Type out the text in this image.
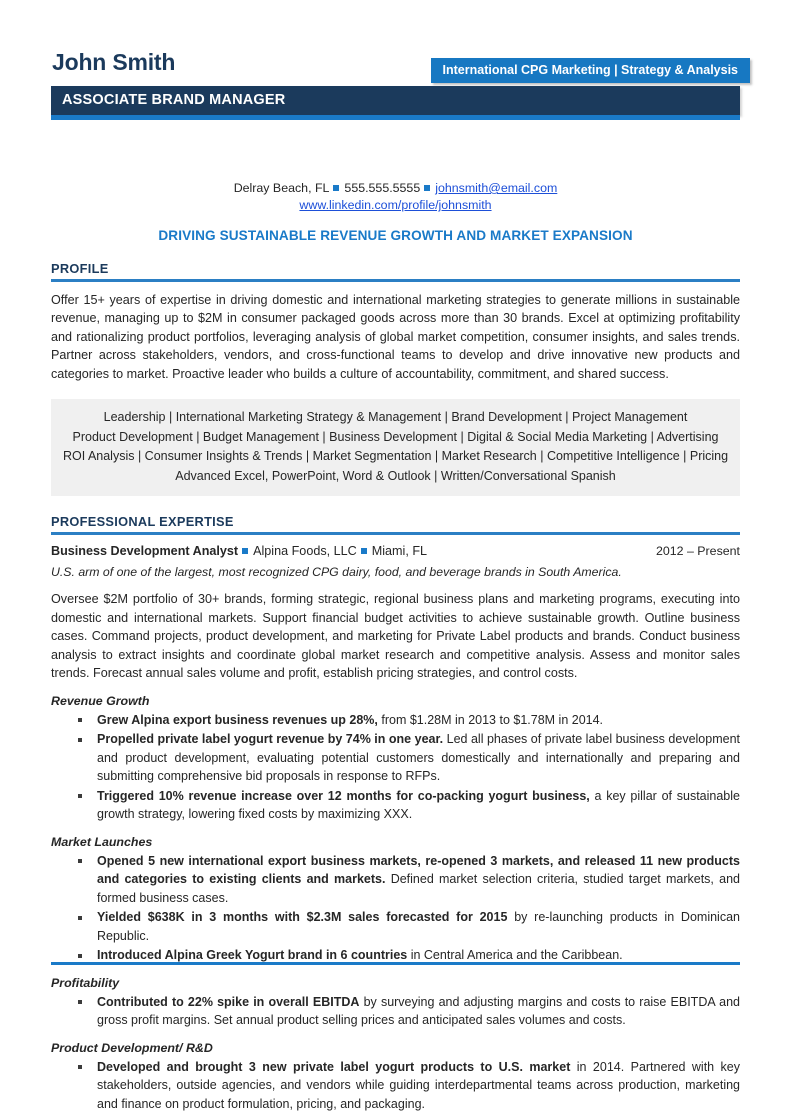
John Smith	International CPG Marketing | Strategy & Analysis
ASSOCIATE BRAND MANAGER
Delray Beach, FL 555.555.5555 johnsmith@email.com
www.linkedin.com/profile/johnsmith
DRIVING SUSTAINABLE REVENUE GROWTH AND MARKET EXPANSION
PROFILE

Offer 15+ years of expertise in driving domestic and international marketing strategies to generate millions in sustainable revenue, managing up to $2M in consumer packaged goods across more than 30 brands. Excel at optimizing profitability and rationalizing product portfolios, leveraging analysis of global market competition, consumer insights, and sales trends. Partner across stakeholders, vendors, and cross-functional teams to develop and drive innovative new products and categories to market. Proactive leader who builds a culture of accountability, commitment, and shared success.

Leadership | International Marketing Strategy & Management | Brand Development | Project Management
Product Development | Budget Management | Business Development | Digital & Social Media Marketing | Advertising
ROI Analysis | Consumer Insights & Trends | Market Segmentation | Market Research | Competitive Intelligence | Pricing
Advanced Excel, PowerPoint, Word & Outlook | Written/Conversational Spanish
PROFESSIONAL EXPERTISE
Business Development Analyst Alpina Foods, LLC Miami, FL	2012 – Present
U.S. arm of one of the largest, most recognized CPG dairy, food, and beverage brands in South America.

Oversee $2M portfolio of 30+ brands, forming strategic, regional business plans and marketing programs, executing into domestic and international markets. Support financial budget activities to achieve sustainable growth. Outline business cases. Command projects, product development, and marketing for Private Label products and brands. Conduct business analysis to extract insights and coordinate global market research and competitive analysis. Assess and monitor sales trends. Forecast annual sales volume and profit, establish pricing strategies, and control costs.

Revenue Growth
Grew Alpina export business revenues up 28%, from $1.28M in 2013 to $1.78M in 2014.
Propelled private label yogurt revenue by 74% in one year. Led all phases of private label business development and product development, evaluating potential customers domestically and internationally and preparing and submitting comprehensive bid proposals in response to RFPs.
Triggered 10% revenue increase over 12 months for co-packing yogurt business, a key pillar of sustainable growth strategy, lowering fixed costs by maximizing XXX.
Market Launches
Opened 5 new international export business markets, re-opened 3 markets, and released 11 new products and categories to existing clients and markets. Defined market selection criteria, studied target markets, and formed business cases.
Yielded $638K in 3 months with $2.3M sales forecasted for 2015 by re-launching products in Dominican Republic.
Introduced Alpina Greek Yogurt brand in 6 countries in Central America and the Caribbean.
Profitability
Contributed to 22% spike in overall EBITDA by surveying and adjusting margins and costs to raise EBITDA and gross profit margins. Set annual product selling prices and anticipated sales volumes and costs.
Product Development/ R&D
Developed and brought 3 new private label yogurt products to U.S. market in 2014. Partnered with key stakeholders, outside agencies, and vendors while guiding interdepartmental teams across production, marketing and finance on product formulation, pricing, and packaging.
